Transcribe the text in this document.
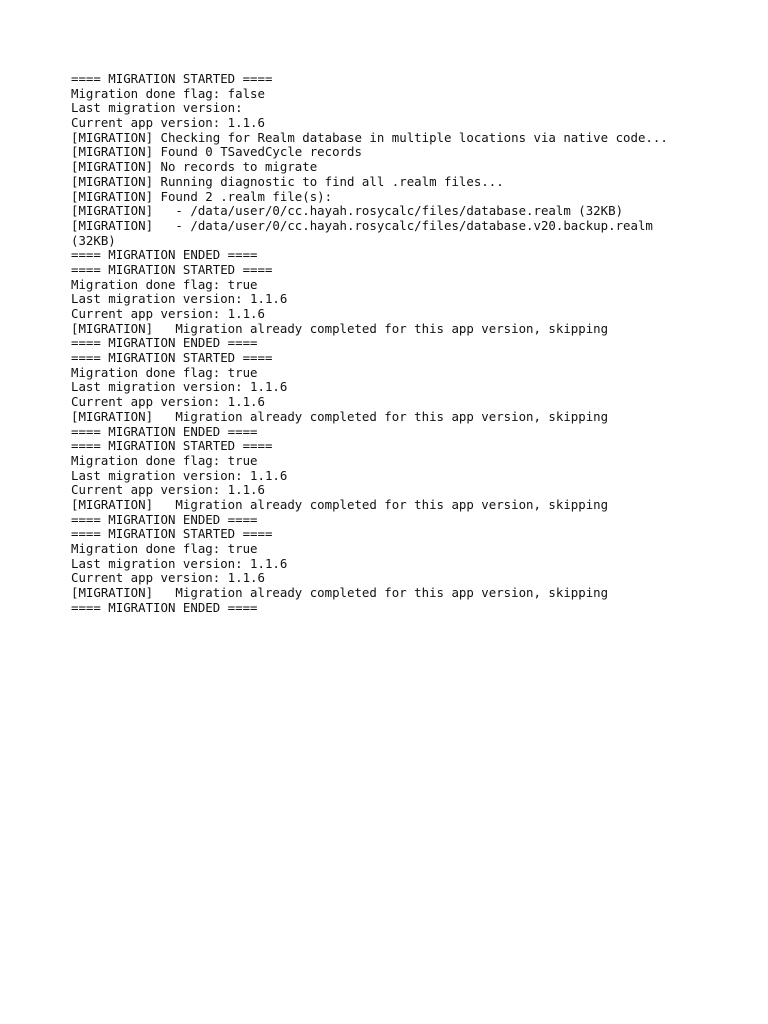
==== MIGRATION STARTED ====
Migration done flag: false
Last migration version:
Current app version: 1.1.6
[MIGRATION] Checking for Realm database in multiple locations via native code...
[MIGRATION] Found 0 TSavedCycle records
[MIGRATION] No records to migrate
[MIGRATION] Running diagnostic to find all .realm files...
[MIGRATION] Found 2 .realm file(s):
[MIGRATION]   - /data/user/0/cc.hayah.rosycalc/files/database.realm (32KB)
[MIGRATION]   - /data/user/0/cc.hayah.rosycalc/files/database.v20.backup.realm
(32KB)
==== MIGRATION ENDED ====
==== MIGRATION STARTED ====
Migration done flag: true
Last migration version: 1.1.6
Current app version: 1.1.6
[MIGRATION]   Migration already completed for this app version, skipping
==== MIGRATION ENDED ====
==== MIGRATION STARTED ====
Migration done flag: true
Last migration version: 1.1.6
Current app version: 1.1.6
[MIGRATION]   Migration already completed for this app version, skipping
==== MIGRATION ENDED ====
==== MIGRATION STARTED ====
Migration done flag: true
Last migration version: 1.1.6
Current app version: 1.1.6
[MIGRATION]   Migration already completed for this app version, skipping
==== MIGRATION ENDED ====
==== MIGRATION STARTED ====
Migration done flag: true
Last migration version: 1.1.6
Current app version: 1.1.6
[MIGRATION]   Migration already completed for this app version, skipping
==== MIGRATION ENDED ====
